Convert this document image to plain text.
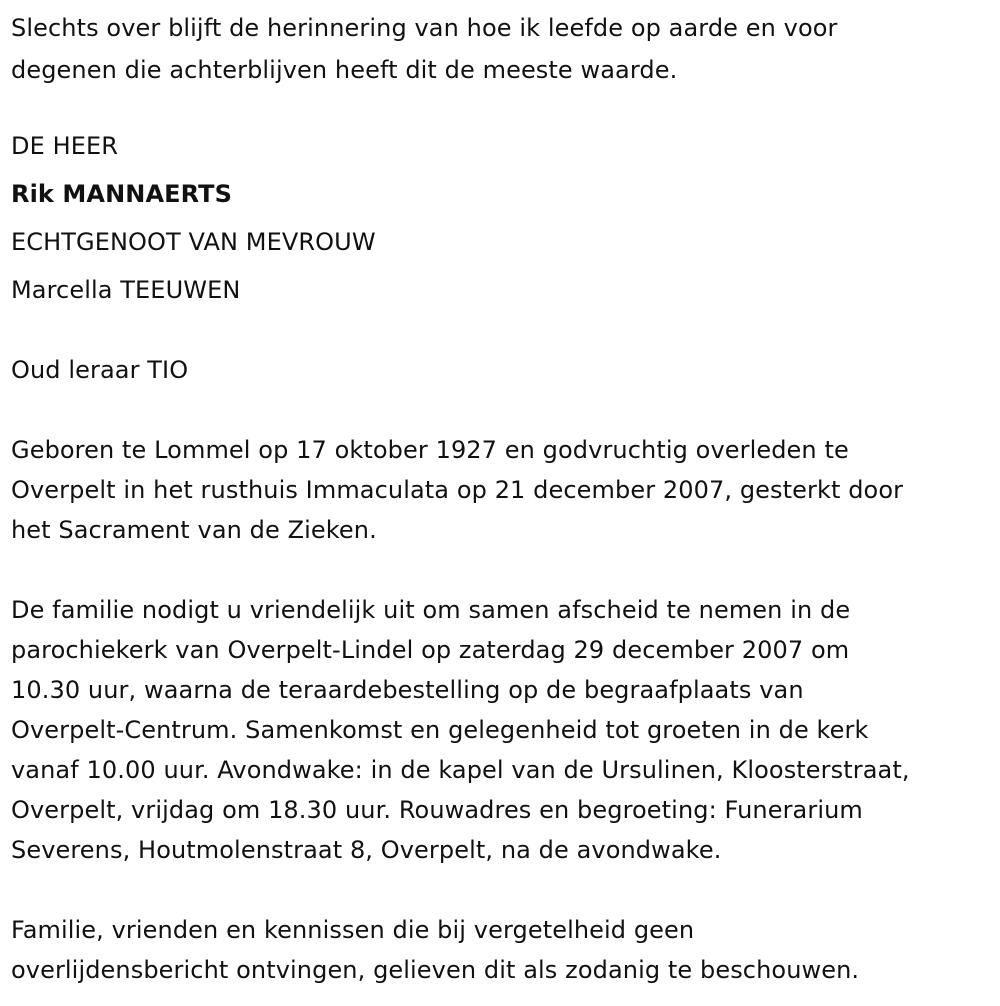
Slechts over blijft de herinnering van hoe ik leefde op aarde en voor
degenen die achterblijven heeft dit de meeste waarde.
DE HEER
Rik MANNAERTS
ECHTGENOOT VAN MEVROUW
Marcella TEEUWEN
Oud leraar TIO
Geboren te Lommel op 17 oktober 1927 en godvruchtig overleden te
Overpelt in het rusthuis Immaculata op 21 december 2007, gesterkt door
het Sacrament van de Zieken.
De familie nodigt u vriendelijk uit om samen afscheid te nemen in de
parochiekerk van Overpelt-Lindel op zaterdag 29 december 2007 om
10.30 uur, waarna de teraardebestelling op de begraafplaats van
Overpelt-Centrum. Samenkomst en gelegenheid tot groeten in de kerk
vanaf 10.00 uur. Avondwake: in de kapel van de Ursulinen, Kloosterstraat,
Overpelt, vrijdag om 18.30 uur. Rouwadres en begroeting: Funerarium
Severens, Houtmolenstraat 8, Overpelt, na de avondwake.
Familie, vrienden en kennissen die bij vergetelheid geen
overlijdensbericht ontvingen, gelieven dit als zodanig te beschouwen.
